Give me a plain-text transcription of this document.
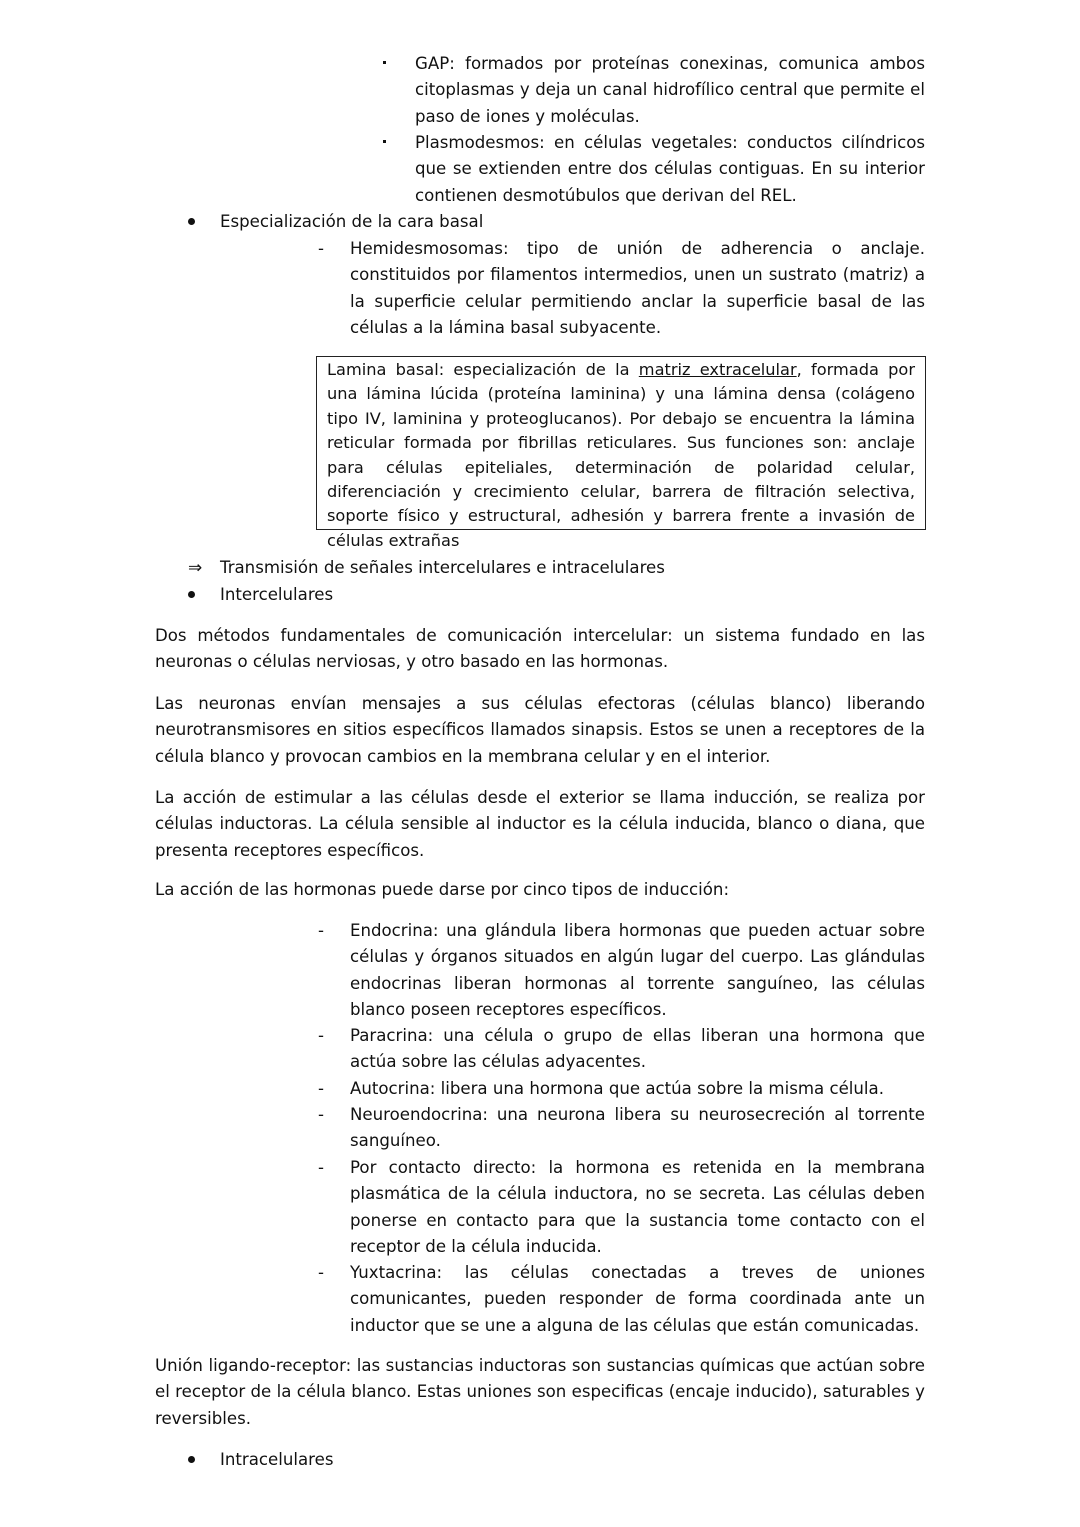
GAP: formados por proteínas conexinas, comunica ambos citoplasmas y deja un canal hidrofílico central que permite el paso de iones y moléculas.
Plasmodesmos: en células vegetales: conductos cilíndricos que se extienden entre dos células contiguas. En su interior contienen desmotúbulos que derivan del REL.
Especialización de la cara basal
- Hemidesmosomas: tipo de unión de adherencia o anclaje. constituidos por filamentos intermedios, unen un sustrato (matriz) a la superficie celular permitiendo anclar la superficie basal de las células a la lámina basal subyacente.
Lamina basal: especialización de la matriz extracelular, formada por una lámina lúcida (proteína laminina) y una lámina densa (colágeno tipo IV, laminina y proteoglucanos). Por debajo se encuentra la lámina reticular formada por fibrillas reticulares. Sus funciones son: anclaje para células epiteliales, determinación de polaridad celular, diferenciación y crecimiento celular, barrera de filtración selectiva, soporte físico y estructural, adhesión y barrera frente a invasión de células extrañas
⇒	Transmisión de señales intercelulares e intracelulares
Intercelulares
Dos métodos fundamentales de comunicación intercelular: un sistema fundado en las neuronas o células nerviosas, y otro basado en las hormonas.
Las neuronas envían mensajes a sus células efectoras (células blanco) liberando neurotransmisores en sitios específicos llamados sinapsis. Estos se unen a receptores de la célula blanco y provocan cambios en la membrana celular y en el interior.
La acción de estimular a las células desde el exterior se llama inducción, se realiza por células inductoras. La célula sensible al inductor es la célula inducida, blanco o diana, que presenta receptores específicos.
La acción de las hormonas puede darse por cinco tipos de inducción:
- Endocrina: una glándula libera hormonas que pueden actuar sobre células y órganos situados en algún lugar del cuerpo. Las glándulas endocrinas liberan hormonas al torrente sanguíneo, las células blanco poseen receptores específicos.
- Paracrina: una célula o grupo de ellas liberan una hormona que actúa sobre las células adyacentes.
- Autocrina: libera una hormona que actúa sobre la misma célula.
- Neuroendocrina: una neurona libera su neurosecreción al torrente sanguíneo.
- Por contacto directo: la hormona es retenida en la membrana plasmática de la célula inductora, no se secreta. Las células deben ponerse en contacto para que la sustancia tome contacto con el receptor de la célula inducida.
- Yuxtacrina: las células conectadas a treves de uniones comunicantes, pueden responder de forma coordinada ante un inductor que se une a alguna de las células que están comunicadas.
Unión ligando-receptor: las sustancias inductoras son sustancias químicas que actúan sobre el receptor de la célula blanco. Estas uniones son especificas (encaje inducido), saturables y reversibles.
Intracelulares
